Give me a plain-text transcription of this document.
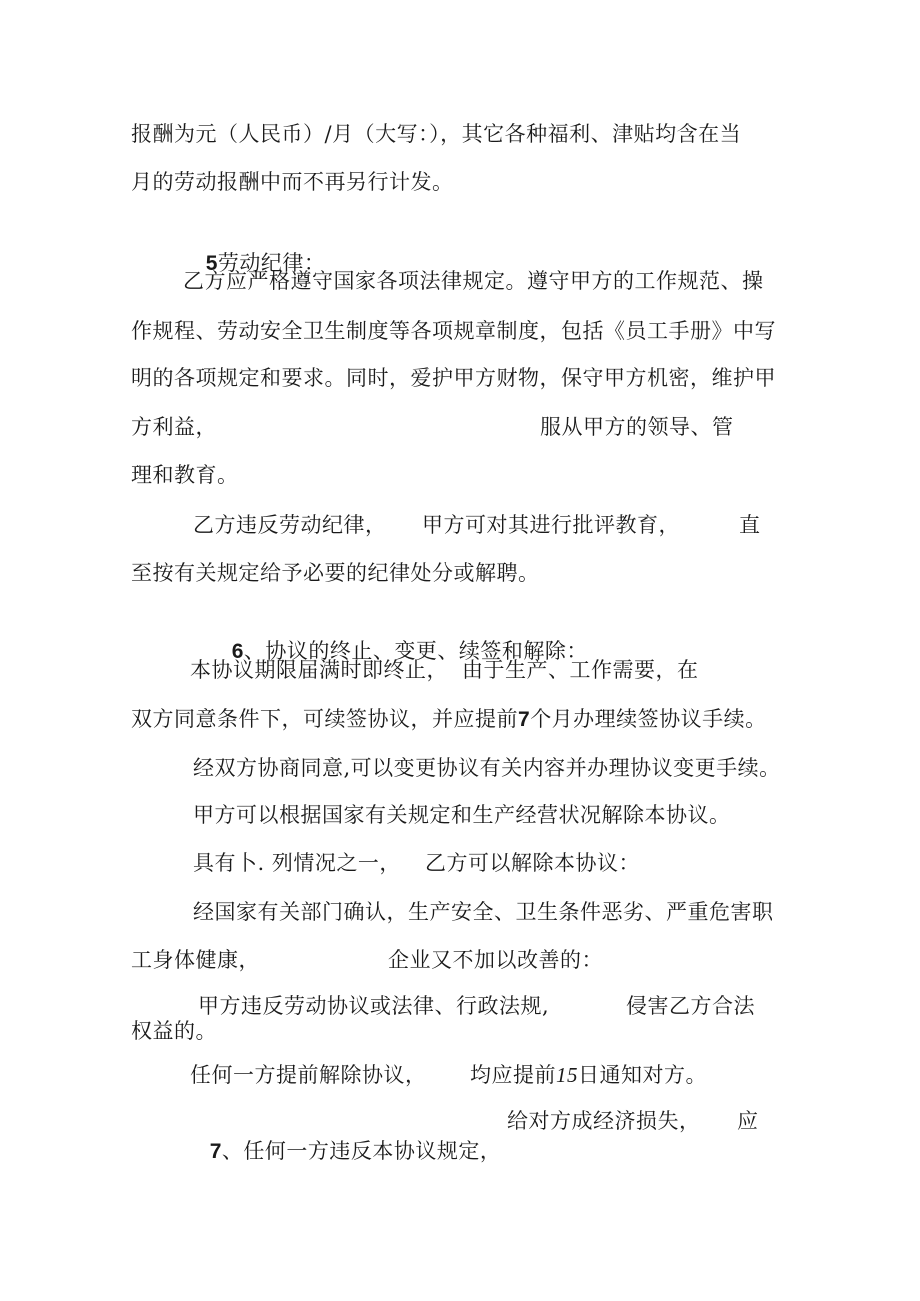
报酬为元（人民币）/月（大写：），其它各种福利、津贴均含在当
月的劳动报酬中而不再另行计发。

5劳动纪律：

乙方应严格遵守国家各项法律规定。遵守甲方的工作规范、操
作规程、劳动安全卫生制度等各项规章制度，包括《员工手册》中写
明的各项规定和要求。同时，爱护甲方财物，保守甲方机密，维护甲
方利益，	服从甲方的领导、管
理和教育。
乙方违反劳动纪律， 甲方可对其进行批评教育，	直
至按有关规定给予必要的纪律处分或解聘。

6、协议的终止、变更、续签和解除：

本协议期限届满时即终止， 由于生产、工作需要，在
双方同意条件下，可续签协议，并应提前7个月办理续签协议手续。
经双方协商同意,可以变更协议有关内容并办理协议变更手续。
甲方可以根据国家有关规定和生产经营状况解除本协议。
具有卜. 列情况之一， 乙方可以解除本协议：
经国家有关部门确认，生产安全、卫生条件恶劣、严重危害职
工身体健康，	企业又不加以改善的：
甲方违反劳动协议或法律、行政法规,	侵害乙方合法
权益的。
任何一方提前解除协议， 均应提前15日通知对方。

7、任何一方违反本协议规定，

给对方成经济损失， 应
